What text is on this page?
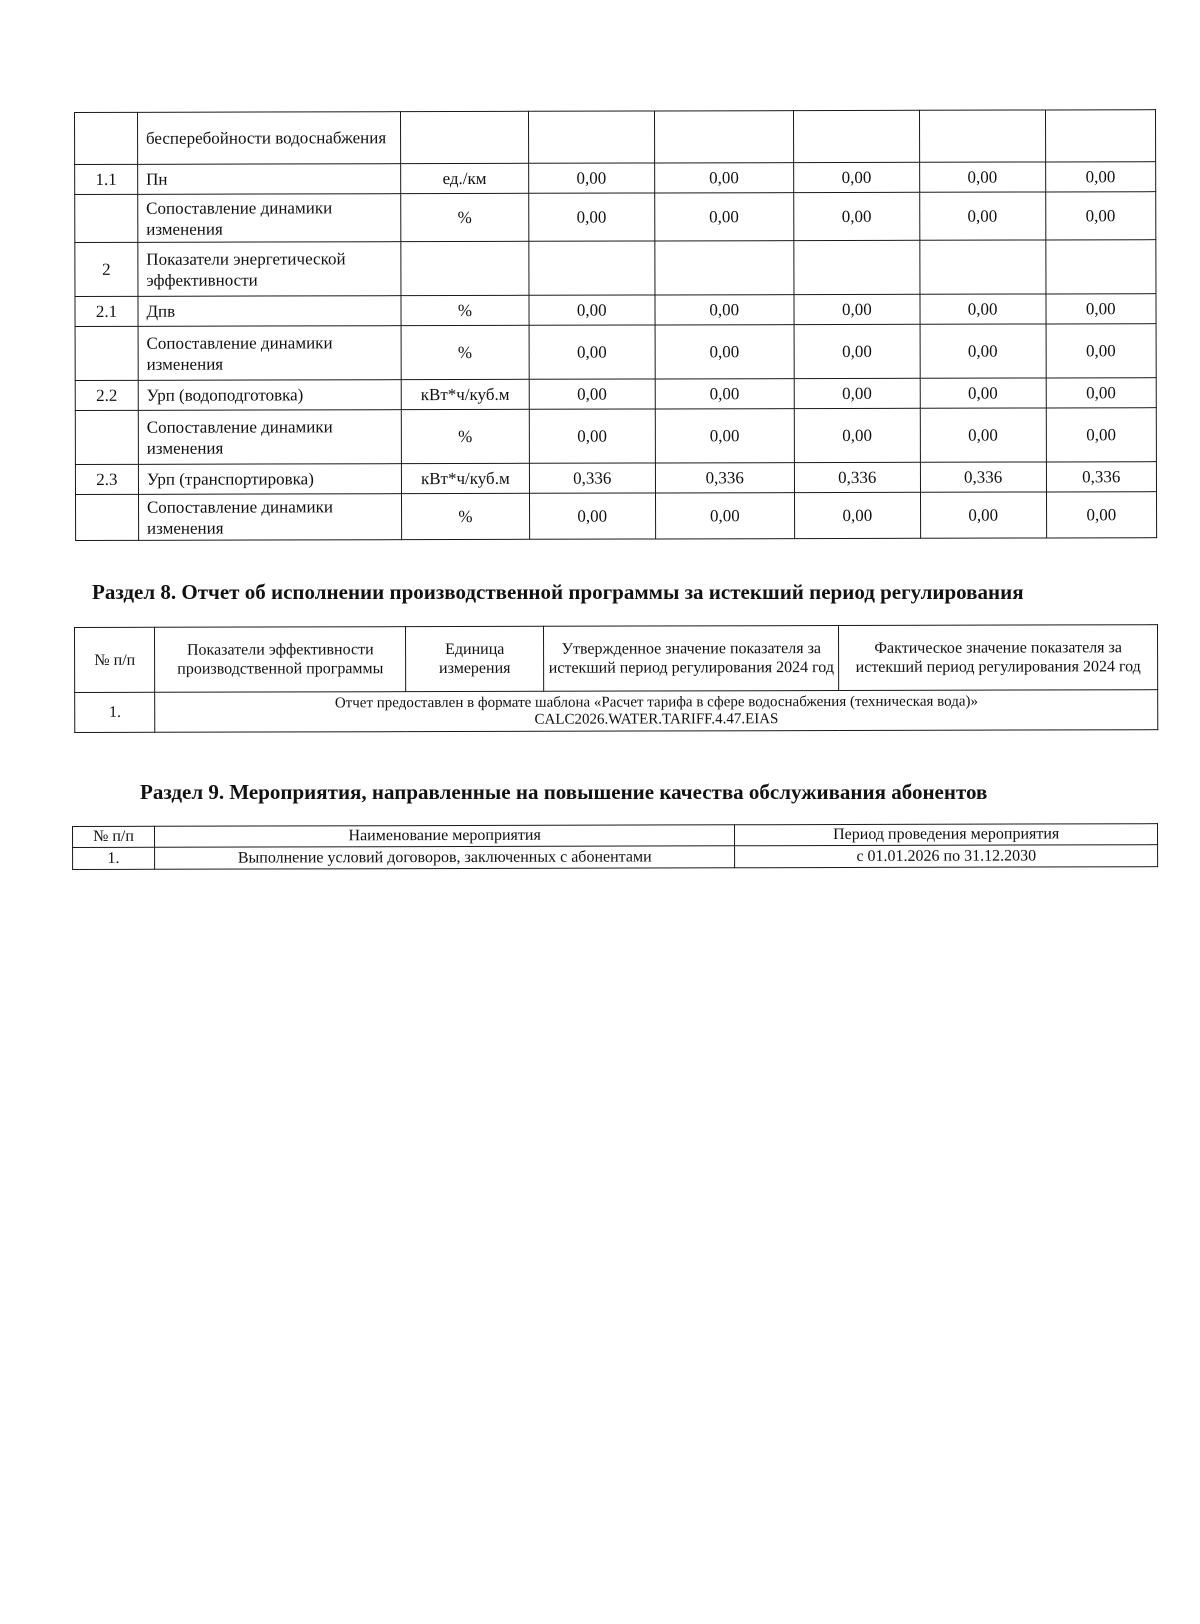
	бесперебойности водоснабжения						
1.1	Пн	ед./км	0,00	0,00	0,00	0,00	0,00
	Сопоставление динамики изменения	%	0,00	0,00	0,00	0,00	0,00
2	Показатели энергетической эффективности						
2.1	Дпв	%	0,00	0,00	0,00	0,00	0,00
	Сопоставление динамики изменения	%	0,00	0,00	0,00	0,00	0,00
2.2	Урп (водоподготовка)	кВт*ч/куб.м	0,00	0,00	0,00	0,00	0,00
	Сопоставление динамики изменения	%	0,00	0,00	0,00	0,00	0,00
2.3	Урп (транспортировка)	кВт*ч/куб.м	0,336	0,336	0,336	0,336	0,336
	Сопоставление динамики изменения	%	0,00	0,00	0,00	0,00	0,00
Раздел 8. Отчет об исполнении производственной программы за истекший период регулирования
№ п/п	Показатели эффективности производственной программы	Единица измерения	Утвержденное значение показателя за истекший период регулирования 2024 год	Фактическое значение показателя за истекший период регулирования 2024 год
1.	Отчет предоставлен в формате шаблона «Расчет тарифа в сфере водоснабжения (техническая вода)»
CALC2026.WATER.TARIFF.4.47.EIAS			
Раздел 9. Мероприятия, направленные на повышение качества обслуживания абонентов
№ п/п	Наименование мероприятия	Период проведения мероприятия
1.	Выполнение условий договоров, заключенных с абонентами	с 01.01.2026 по 31.12.2030
